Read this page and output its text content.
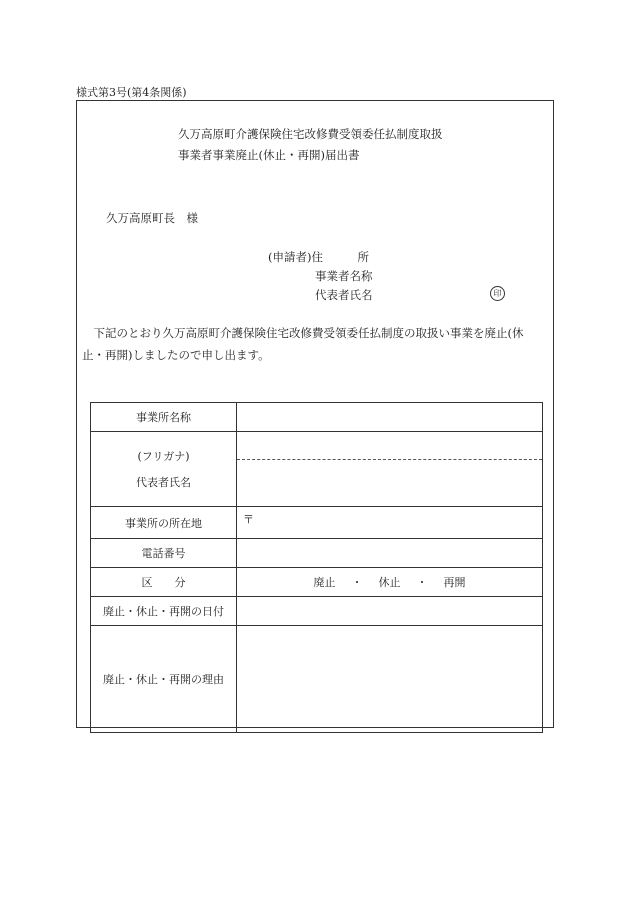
様式第3号(第4条関係)
久万高原町介護保険住宅改修費受領委任払制度取扱
事業者事業廃止(休止・再開)届出書
久万高原町長　様
(申請者)住　　　所
事業者名称
代表者氏名	印
　下記のとおり久万高原町介護保険住宅改修費受領委任払制度の取扱い事業を廃止(休
止・再開)しましたので申し出ます。
事業所名称	

(フリガナ)
代表者氏名	

事業所の所在地	〒
電話番号	
区　　分	廃止 ・ 休止 ・ 再開
廃止・休止・再開の日付	
廃止・休止・再開の理由	
